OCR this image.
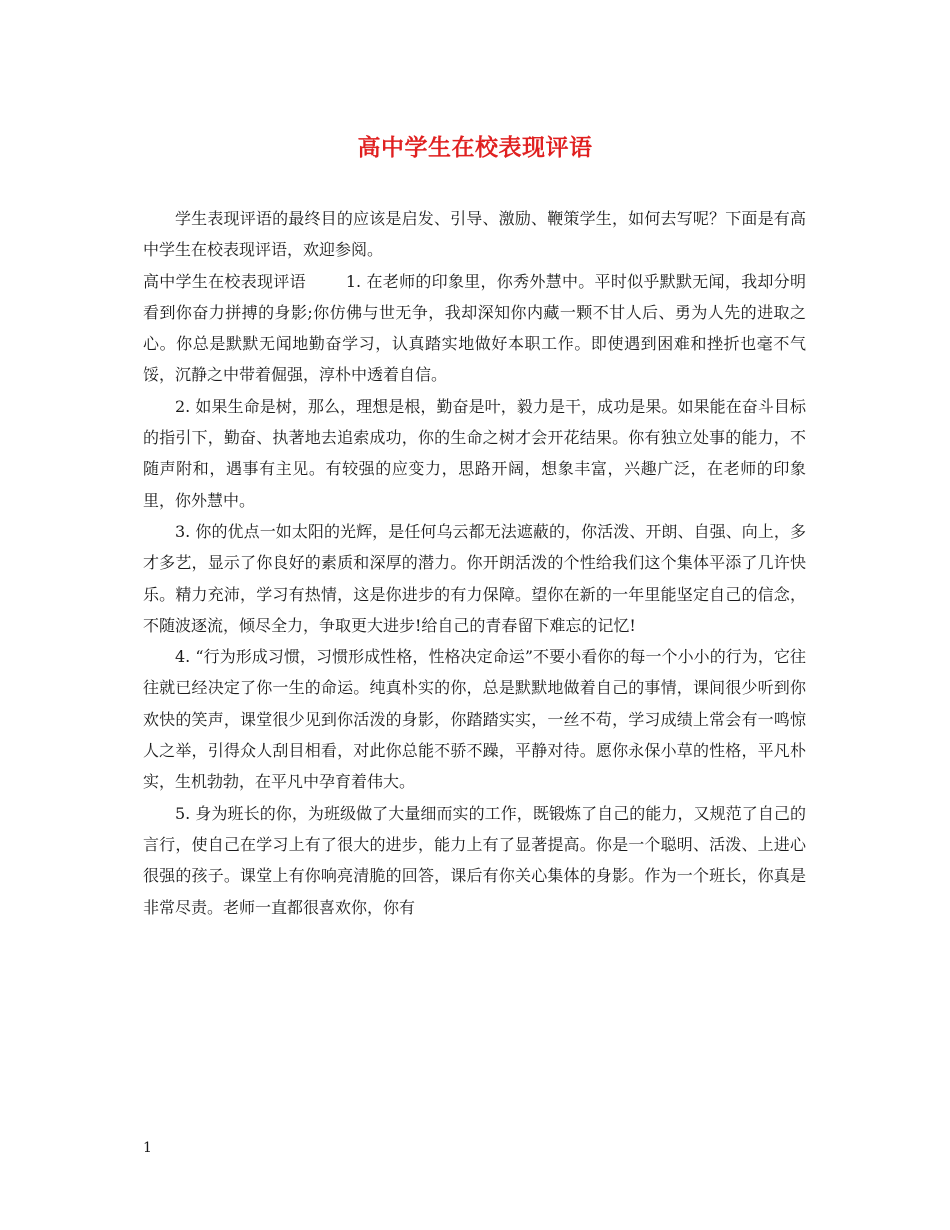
高中学生在校表现评语

学生表现评语的最终目的应该是启发、引导、激励、鞭策学生，如何去写呢？下面是有高中学生在校表现评语，欢迎参阅。

高中学生在校表现评语	1. 在老师的印象里，你秀外慧中。平时似乎默默无闻，我却分明看到你奋力拼搏的身影;你仿佛与世无争，我却深知你内藏一颗不甘人后、勇为人先的进取之心。你总是默默无闻地勤奋学习，认真踏实地做好本职工作。即使遇到困难和挫折也毫不气馁，沉静之中带着倔强，淳朴中透着自信。

2. 如果生命是树，那么，理想是根，勤奋是叶，毅力是干，成功是果。如果能在奋斗目标的指引下，勤奋、执著地去追索成功，你的生命之树才会开花结果。你有独立处事的能力，不随声附和，遇事有主见。有较强的应变力，思路开阔，想象丰富，兴趣广泛，在老师的印象里，你外慧中。

3. 你的优点一如太阳的光辉，是任何乌云都无法遮蔽的，你活泼、开朗、自强、向上，多才多艺，显示了你良好的素质和深厚的潜力。你开朗活泼的个性给我们这个集体平添了几许快乐。精力充沛，学习有热情，这是你进步的有力保障。望你在新的一年里能坚定自己的信念，不随波逐流，倾尽全力，争取更大进步!给自己的青春留下难忘的记忆!

4. “行为形成习惯，习惯形成性格，性格决定命运”不要小看你的每一个小小的行为，它往往就已经决定了你一生的命运。纯真朴实的你，总是默默地做着自己的事情，课间很少听到你欢快的笑声，课堂很少见到你活泼的身影，你踏踏实实，一丝不苟，学习成绩上常会有一鸣惊人之举，引得众人刮目相看，对此你总能不骄不躁，平静对待。愿你永保小草的性格，平凡朴实，生机勃勃，在平凡中孕育着伟大。

5. 身为班长的你，为班级做了大量细而实的工作，既锻炼了自己的能力，又规范了自己的言行，使自己在学习上有了很大的进步，能力上有了显著提高。你是一个聪明、活泼、上进心很强的孩子。课堂上有你响亮清脆的回答，课后有你关心集体的身影。作为一个班长，你真是非常尽责。老师一直都很喜欢你，你有

1
